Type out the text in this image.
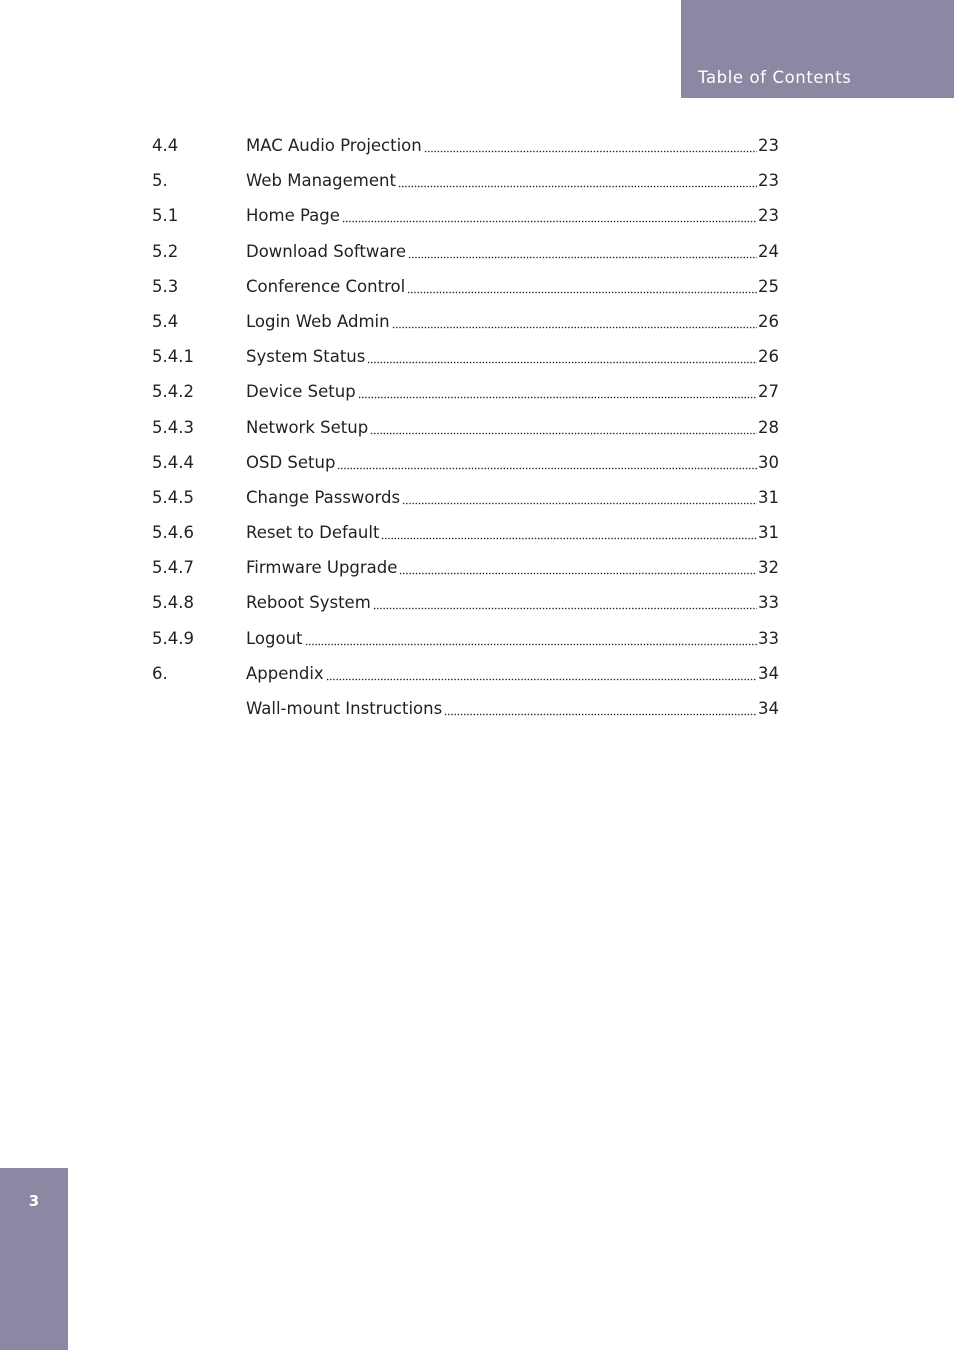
Table of Contents
4.4	MAC Audio Projection	23
5.	Web Management	23
5.1	Home Page	23
5.2	Download Software	24
5.3	Conference Control	25
5.4	Login Web Admin	26
5.4.1	System Status	26
5.4.2	Device Setup	27
5.4.3	Network Setup	28
5.4.4	OSD Setup	30
5.4.5	Change Passwords	31
5.4.6	Reset to Default	31
5.4.7	Firmware Upgrade	32
5.4.8	Reboot System	33
5.4.9	Logout	33
6.	Appendix	34
Wall-mount Instructions	34
3
